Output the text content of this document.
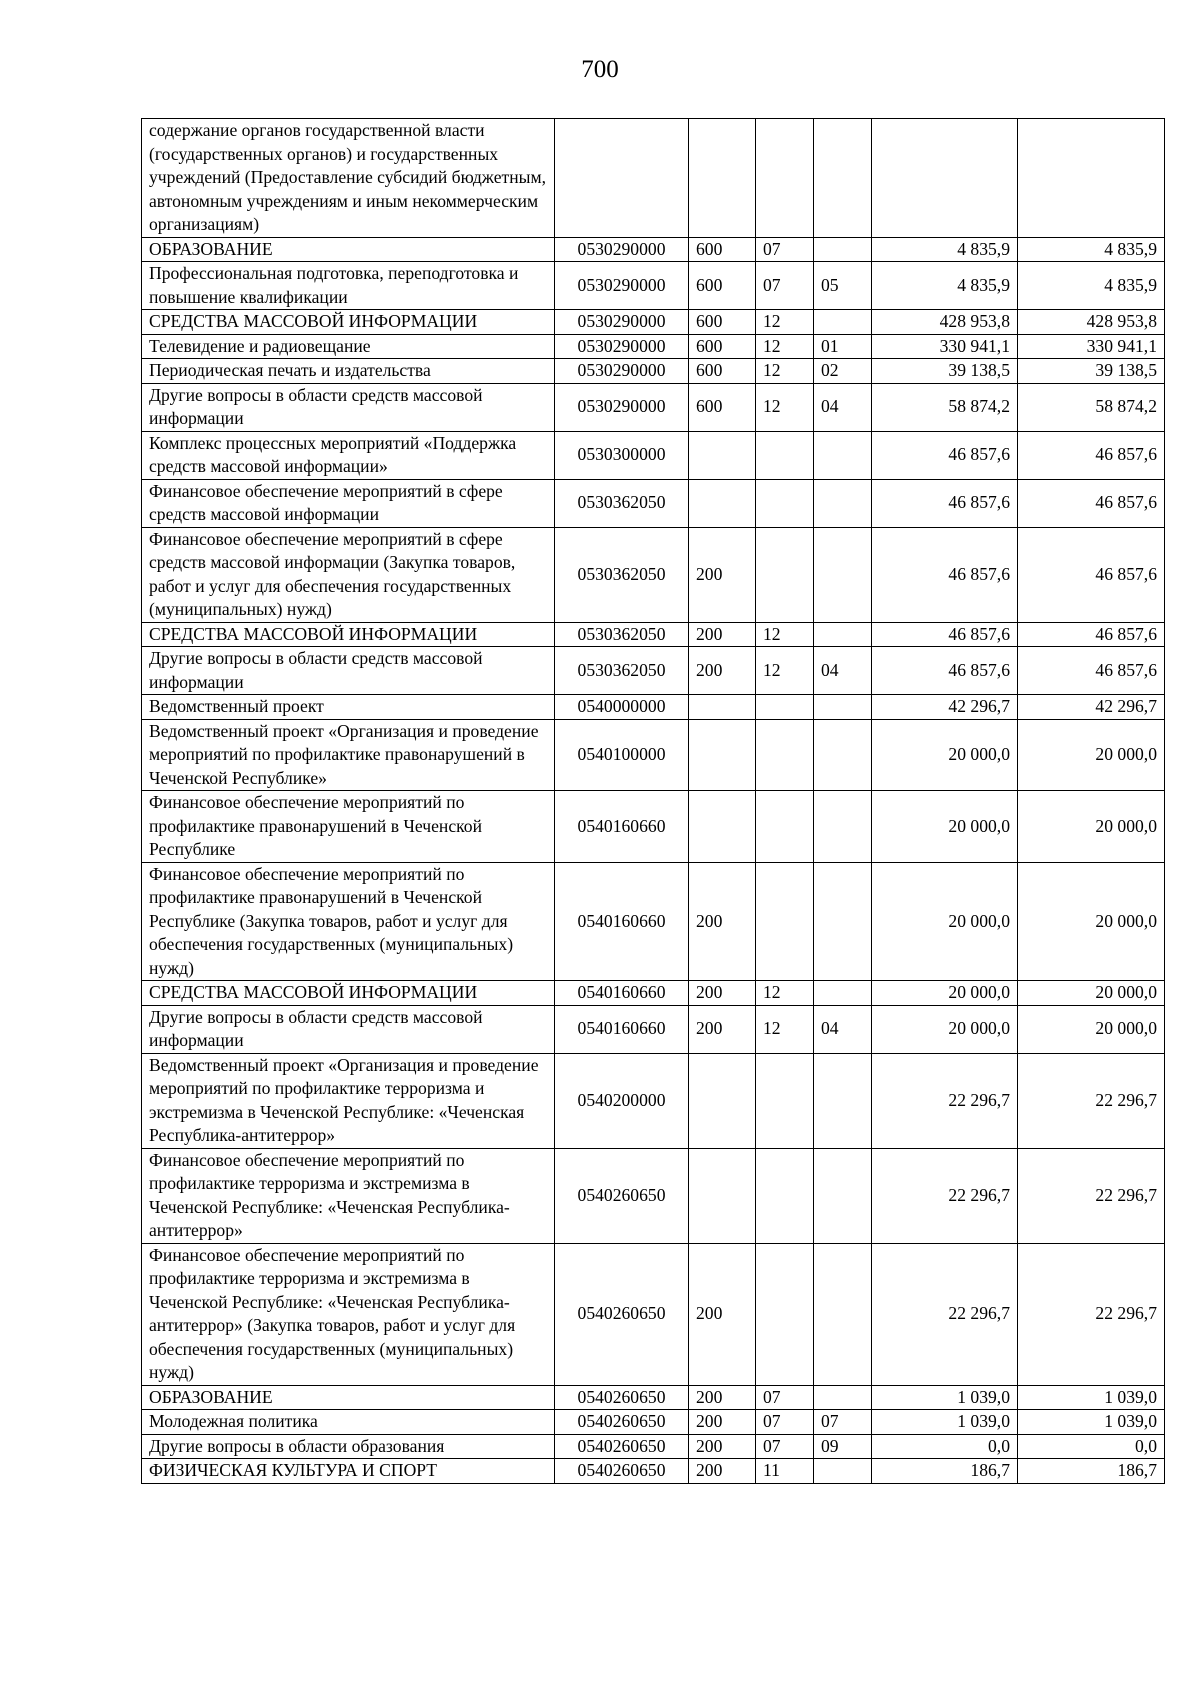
700
содержание органов государственной власти (государственных органов) и государственных учреждений (Предоставление субсидий бюджетным, автономным учреждениям и иным некоммерческим организациям)						
ОБРАЗОВАНИЕ	0530290000	600	07		4 835,9	4 835,9
Профессиональная подготовка, переподготовка и повышение квалификации	0530290000	600	07	05	4 835,9	4 835,9
СРЕДСТВА МАССОВОЙ ИНФОРМАЦИИ	0530290000	600	12		428 953,8	428 953,8
Телевидение и радиовещание	0530290000	600	12	01	330 941,1	330 941,1
Периодическая печать и издательства	0530290000	600	12	02	39 138,5	39 138,5
Другие вопросы в области средств массовой информации	0530290000	600	12	04	58 874,2	58 874,2
Комплекс процессных мероприятий «Поддержка средств массовой информации»	0530300000				46 857,6	46 857,6
Финансовое обеспечение мероприятий в сфере средств массовой информации	0530362050				46 857,6	46 857,6
Финансовое обеспечение мероприятий в сфере средств массовой информации (Закупка товаров, работ и услуг для обеспечения государственных (муниципальных) нужд)	0530362050	200			46 857,6	46 857,6
СРЕДСТВА МАССОВОЙ ИНФОРМАЦИИ	0530362050	200	12		46 857,6	46 857,6
Другие вопросы в области средств массовой информации	0530362050	200	12	04	46 857,6	46 857,6
Ведомственный проект	0540000000				42 296,7	42 296,7
Ведомственный проект «Организация и проведение мероприятий по профилактике правонарушений в Чеченской Республике»	0540100000				20 000,0	20 000,0
Финансовое обеспечение мероприятий по профилактике правонарушений в Чеченской Республике	0540160660				20 000,0	20 000,0
Финансовое обеспечение мероприятий по профилактике правонарушений в Чеченской Республике (Закупка товаров, работ и услуг для обеспечения государственных (муниципальных) нужд)	0540160660	200			20 000,0	20 000,0
СРЕДСТВА МАССОВОЙ ИНФОРМАЦИИ	0540160660	200	12		20 000,0	20 000,0
Другие вопросы в области средств массовой информации	0540160660	200	12	04	20 000,0	20 000,0
Ведомственный проект «Организация и проведение мероприятий по профилактике терроризма и экстремизма в Чеченской Республике: «Чеченская Республика-антитеррор»	0540200000				22 296,7	22 296,7
Финансовое обеспечение мероприятий по профилактике терроризма и экстремизма в Чеченской Республике: «Чеченская Республика-антитеррор»	0540260650				22 296,7	22 296,7
Финансовое обеспечение мероприятий по профилактике терроризма и экстремизма в Чеченской Республике: «Чеченская Республика-антитеррор» (Закупка товаров, работ и услуг для обеспечения государственных (муниципальных) нужд)	0540260650	200			22 296,7	22 296,7
ОБРАЗОВАНИЕ	0540260650	200	07		1 039,0	1 039,0
Молодежная политика	0540260650	200	07	07	1 039,0	1 039,0
Другие вопросы в области образования	0540260650	200	07	09	0,0	0,0
ФИЗИЧЕСКАЯ КУЛЬТУРА И СПОРТ	0540260650	200	11		186,7	186,7
